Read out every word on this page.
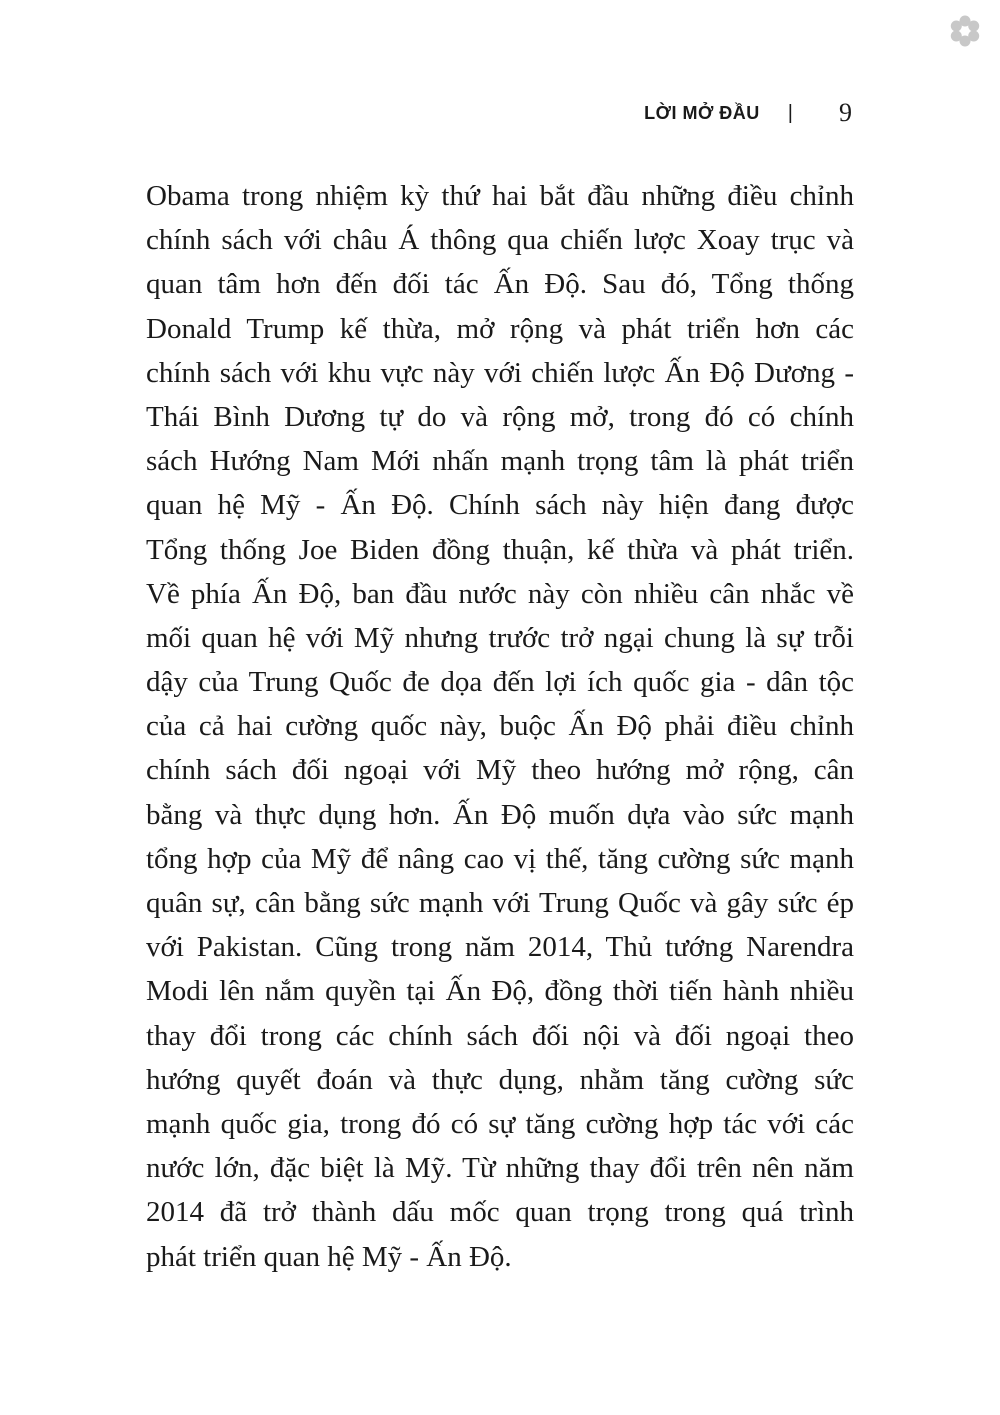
LỜI MỞ ĐẦU | 9
Obama trong nhiệm kỳ thứ hai bắt đầu những điều chỉnh
chính sách với châu Á thông qua chiến lược Xoay trục và
quan tâm hơn đến đối tác Ấn Độ. Sau đó, Tổng thống
Donald Trump kế thừa, mở rộng và phát triển hơn các
chính sách với khu vực này với chiến lược Ấn Độ Dương -
Thái Bình Dương tự do và rộng mở, trong đó có chính
sách Hướng Nam Mới nhấn mạnh trọng tâm là phát triển
quan hệ Mỹ - Ấn Độ. Chính sách này hiện đang được
Tổng thống Joe Biden đồng thuận, kế thừa và phát triển.
Về phía Ấn Độ, ban đầu nước này còn nhiều cân nhắc về
mối quan hệ với Mỹ nhưng trước trở ngại chung là sự trỗi
dậy của Trung Quốc đe dọa đến lợi ích quốc gia - dân tộc
của cả hai cường quốc này, buộc Ấn Độ phải điều chỉnh
chính sách đối ngoại với Mỹ theo hướng mở rộng, cân
bằng và thực dụng hơn. Ấn Độ muốn dựa vào sức mạnh
tổng hợp của Mỹ để nâng cao vị thế, tăng cường sức mạnh
quân sự, cân bằng sức mạnh với Trung Quốc và gây sức ép
với Pakistan. Cũng trong năm 2014, Thủ tướng Narendra
Modi lên nắm quyền tại Ấn Độ, đồng thời tiến hành nhiều
thay đổi trong các chính sách đối nội và đối ngoại theo
hướng quyết đoán và thực dụng, nhằm tăng cường sức
mạnh quốc gia, trong đó có sự tăng cường hợp tác với các
nước lớn, đặc biệt là Mỹ. Từ những thay đổi trên nên năm
2014 đã trở thành dấu mốc quan trọng trong quá trình
phát triển quan hệ Mỹ - Ấn Độ.
